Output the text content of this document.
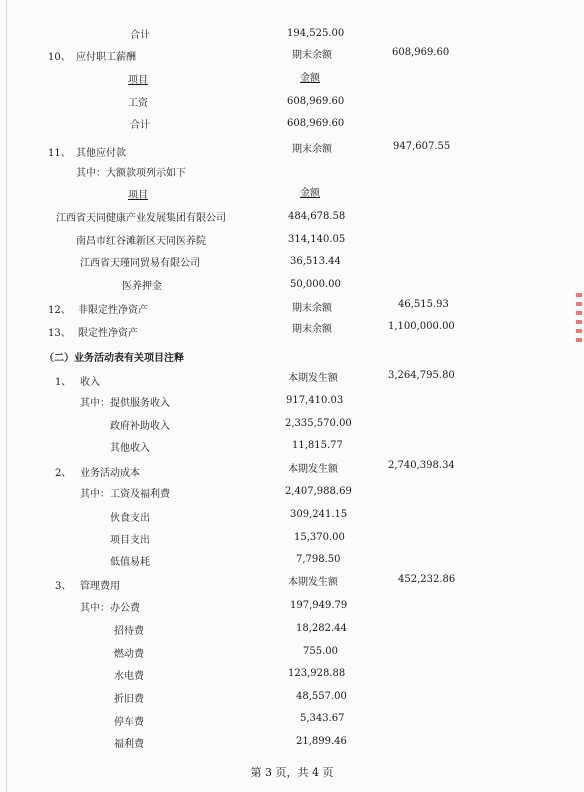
合计	194,525.00
10、 应付职工薪酬	期末余额	608,969.60
项目	金额
工资	608,969.60
合计	608,969.60
11、 其他应付款	期末余额	947,607.55
其中：大额款项列示如下
项目	金额
江西省天同健康产业发展集团有限公司	484,678.58
南昌市红谷滩新区天同医养院	314,140.05
江西省天瑾同贸易有限公司	36,513.44
医养押金	50,000.00
12、 非限定性净资产	期末余额	46,515.93
13、 限定性净资产	期末余额	1,100,000.00
（二）业务活动表有关项目注释
1、 收入	本期发生额	3,264,795.80
其中：提供服务收入	917,410.03
政府补助收入	2,335,570.00
其他收入	11,815.77
2、 业务活动成本	本期发生额	2,740,398.34
其中：工资及福利费	2,407,988.69
伙食支出	309,241.15
项目支出	15,370.00
低值易耗	7,798.50
3、 管理费用	本期发生额	452,232.86
其中：办公费	197,949.79
招待费	18,282.44
燃动费	755.00
水电费	123,928.88
折旧费	48,557.00
停车费	5,343.67
福利费	21,899.46
第 3 页，共 4 页
